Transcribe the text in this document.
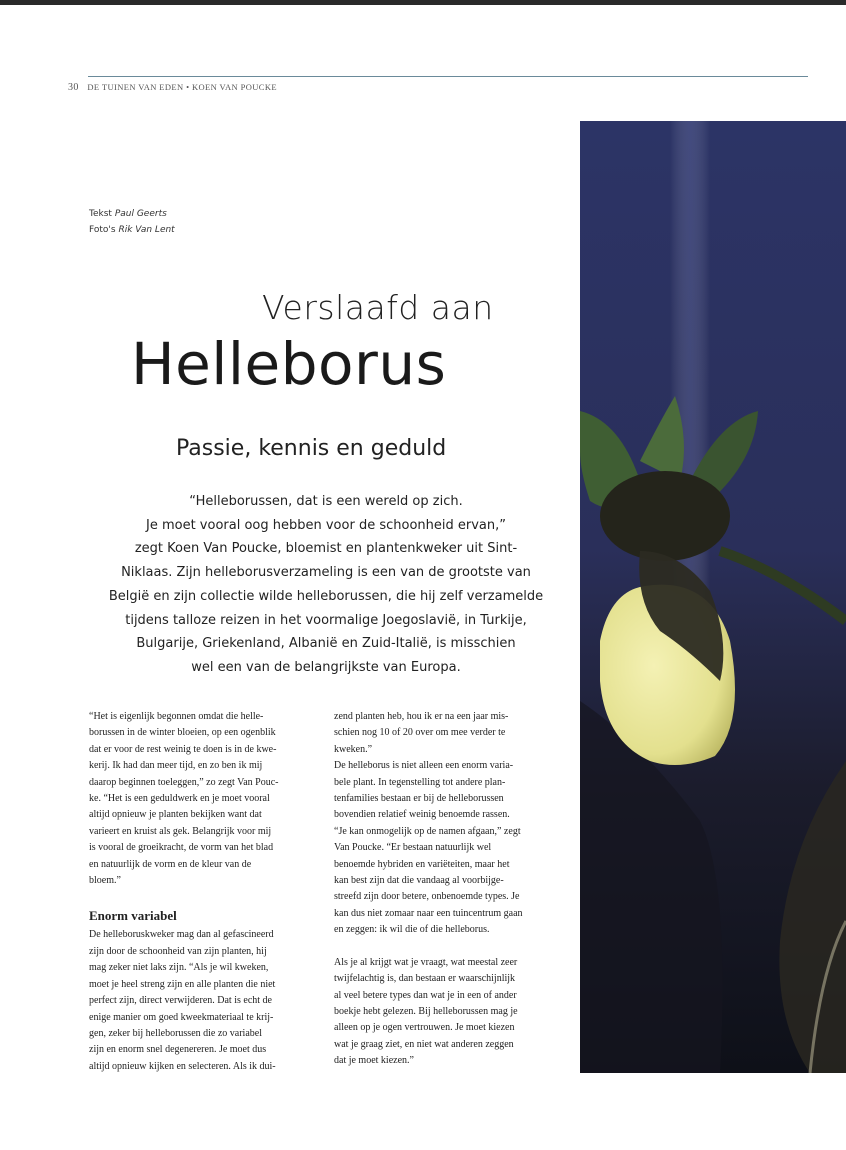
30 DE TUINEN VAN EDEN • KOEN VAN POUCKE
Tekst Paul Geerts
Foto's Rik Van Lent
Verslaafd aan
Helleborus
Passie, kennis en geduld
“Helleborussen, dat is een wereld op zich.
Je moet vooral oog hebben voor de schoonheid ervan,”
zegt Koen Van Poucke, bloemist en plantenkweker uit Sint-
Niklaas. Zijn helleborusverzameling is een van de grootste van
België en zijn collectie wilde helleborussen, die hij zelf verzamelde
tijdens talloze reizen in het voormalige Joegoslavië, in Turkije,
Bulgarije, Griekenland, Albanië en Zuid-Italië, is misschien
wel een van de belangrijkste van Europa.

“Het is eigenlijk begonnen omdat die helle-

borussen in de winter bloeien, op een ogenblik

dat er voor de rest weinig te doen is in de kwe-

kerij. Ik had dan meer tijd, en zo ben ik mij

daarop beginnen toeleggen,” zo zegt Van Pouc-

ke. “Het is een geduldwerk en je moet vooral

altijd opnieuw je planten bekijken want dat

varieert en kruist als gek. Belangrijk voor mij

is vooral de groeikracht, de vorm van het blad

en natuurlijk de vorm en de kleur van de

bloem.”

Enorm variabel

De helleboruskweker mag dan al gefascineerd

zijn door de schoonheid van zijn planten, hij

mag zeker niet laks zijn. “Als je wil kweken,

moet je heel streng zijn en alle planten die niet

perfect zijn, direct verwijderen. Dat is echt de

enige manier om goed kweekmateriaal te krij-

gen, zeker bij helleborussen die zo variabel

zijn en enorm snel degenereren. Je moet dus

altijd opnieuw kijken en selecteren. Als ik dui-

zend planten heb, hou ik er na een jaar mis-

schien nog 10 of 20 over om mee verder te

kweken.”

De helleborus is niet alleen een enorm varia-

bele plant. In tegenstelling tot andere plan-

tenfamilies bestaan er bij de helleborussen

bovendien relatief weinig benoemde rassen.

“Je kan onmogelijk op de namen afgaan,” zegt

Van Poucke. “Er bestaan natuurlijk wel

benoemde hybriden en variëteiten, maar het

kan best zijn dat die vandaag al voorbijge-

streefd zijn door betere, onbenoemde types. Je

kan dus niet zomaar naar een tuincentrum gaan

en zeggen: ik wil die of die helleborus.

Als je al krijgt wat je vraagt, wat meestal zeer

twijfelachtig is, dan bestaan er waarschijnlijk

al veel betere types dan wat je in een of ander

boekje hebt gelezen. Bij helleborussen mag je

alleen op je ogen vertrouwen. Je moet kiezen

wat je graag ziet, en niet wat anderen zeggen

dat je moet kiezen.”
